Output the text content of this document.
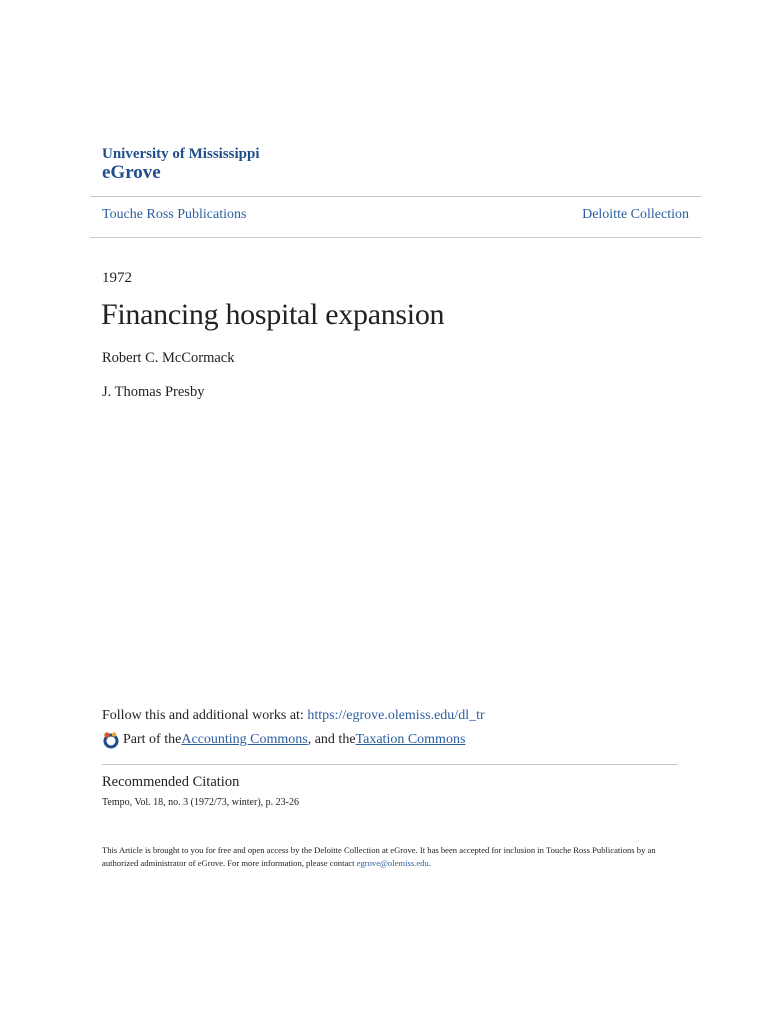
University of Mississippi
eGrove
Touche Ross Publications	Deloitte Collection
1972
Financing hospital expansion
Robert C. McCormack
J. Thomas Presby
Follow this and additional works at: https://egrove.olemiss.edu/dl_tr
Part of the Accounting Commons , and the Taxation Commons
Recommended Citation
Tempo, Vol. 18, no. 3 (1972/73, winter), p. 23-26
This Article is brought to you for free and open access by the Deloitte Collection at eGrove. It has been accepted for inclusion in Touche Ross Publications by an authorized administrator of eGrove. For more information, please contact egrove@olemiss.edu.
